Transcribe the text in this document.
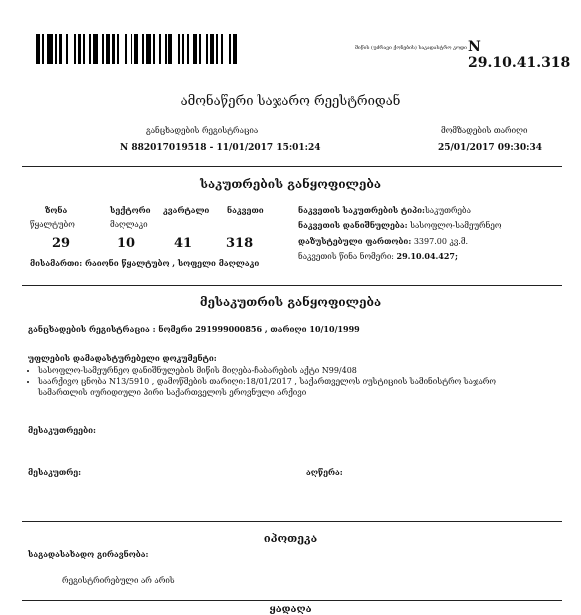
მიწის (უძრავი ქონების) საკადასტრო კოდი N 29.10.41.318
ამონაწერი საჯარო რეესტრიდან
განცხადების რეგისტრაცია
N 882017019518 - 11/01/2017 15:01:24
მომზადების თარიღი
25/01/2017 09:30:34
საკუთრების განყოფილება
ზონა	სექტორი კვარტალი ნაკვეთი
წყალტუბო	მაღლაკი
29	10	41	318
მისამართი: რაიონი წყალტუბო , სოფელი მაღლაკი
ნაკვეთის საკუთრების ტიპი:საკუთრება
ნაკვეთის დანიშნულება: სასოფლო-სამეურნეო
დაზუსტებული ფართობი: 3397.00 კვ.მ.
ნაკვეთის წინა ნომერი: 29.10.04.427;
მესაკუთრის განყოფილება
განცხადების რეგისტრაცია : ნომერი 291999000856 , თარიღი 10/10/1999
უფლების დამადასტურებელი დოკუმენტი:
• სასოფლო-სამეურნეო დანიშნულების მიწის მიღება-ჩაბარების აქტი N99/408
• საარქივო ცნობა N13/5910 , დამოწმების თარიღი:18/01/2017 , საქართველოს იუსტიციის სამინისტრო საჯარო სამართლის იურიდიული პირი საქართველოს ეროვნული არქივი
მესაკუთრეები:
მესაკუთრე:	აღწერა:
იპოთეკა
საგადასახადო გირავნობა:
რეგისტრირებული არ არის
ყადაღა
